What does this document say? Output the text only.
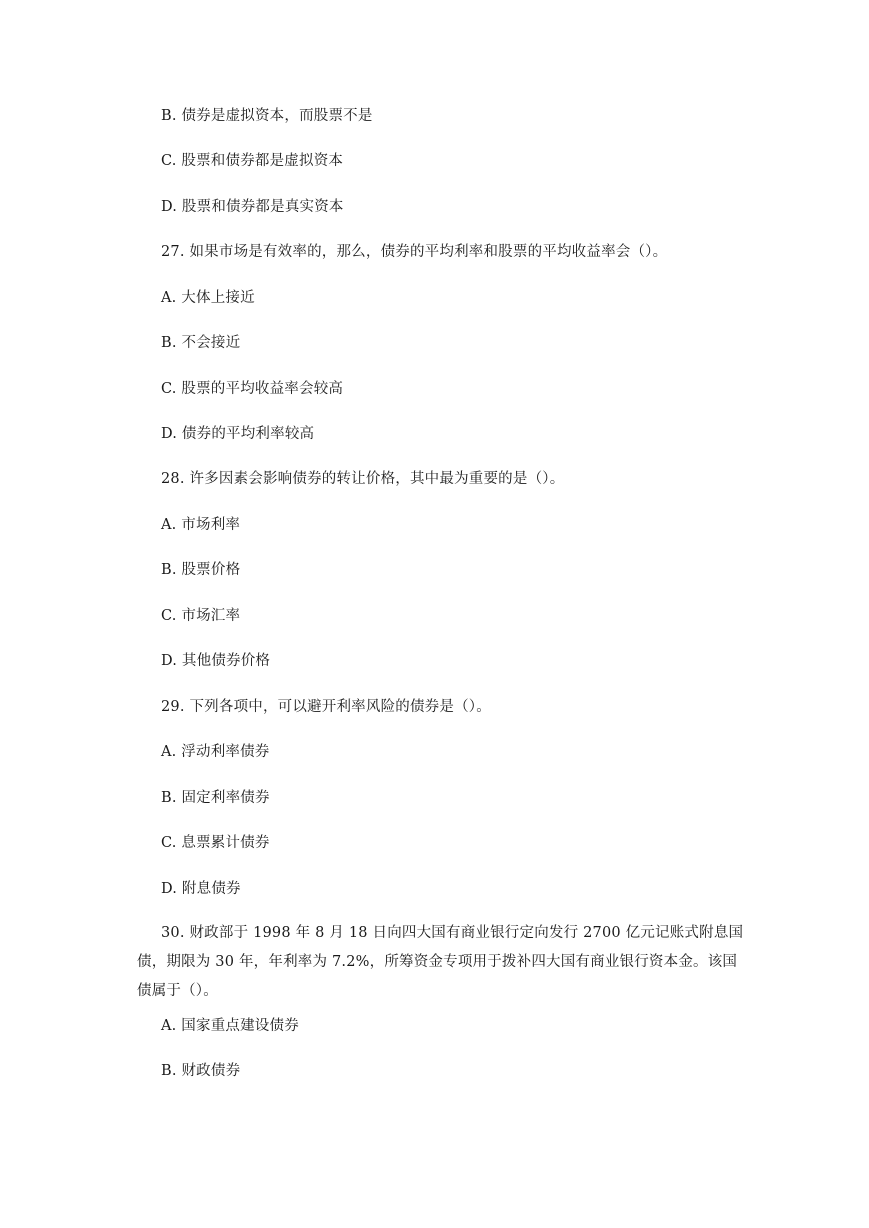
B. 债券是虚拟资本，而股票不是
C. 股票和债券都是虚拟资本
D. 股票和债券都是真实资本
27. 如果市场是有效率的，那么，债券的平均利率和股票的平均收益率会（）。
A. 大体上接近
B. 不会接近
C. 股票的平均收益率会较高
D. 债券的平均利率较高
28. 许多因素会影响债券的转让价格，其中最为重要的是（）。
A. 市场利率
B. 股票价格
C. 市场汇率
D. 其他债券价格
29. 下列各项中，可以避开利率风险的债券是（）。
A. 浮动利率债券
B. 固定利率债券
C. 息票累计债券
D. 附息债券
30. 财政部于 1998 年 8 月 18 日向四大国有商业银行定向发行 2700 亿元记账式附息国债，期限为 30 年，年利率为 7.2%，所筹资金专项用于拨补四大国有商业银行资本金。该国债属于（）。
A. 国家重点建设债券
B. 财政债券
